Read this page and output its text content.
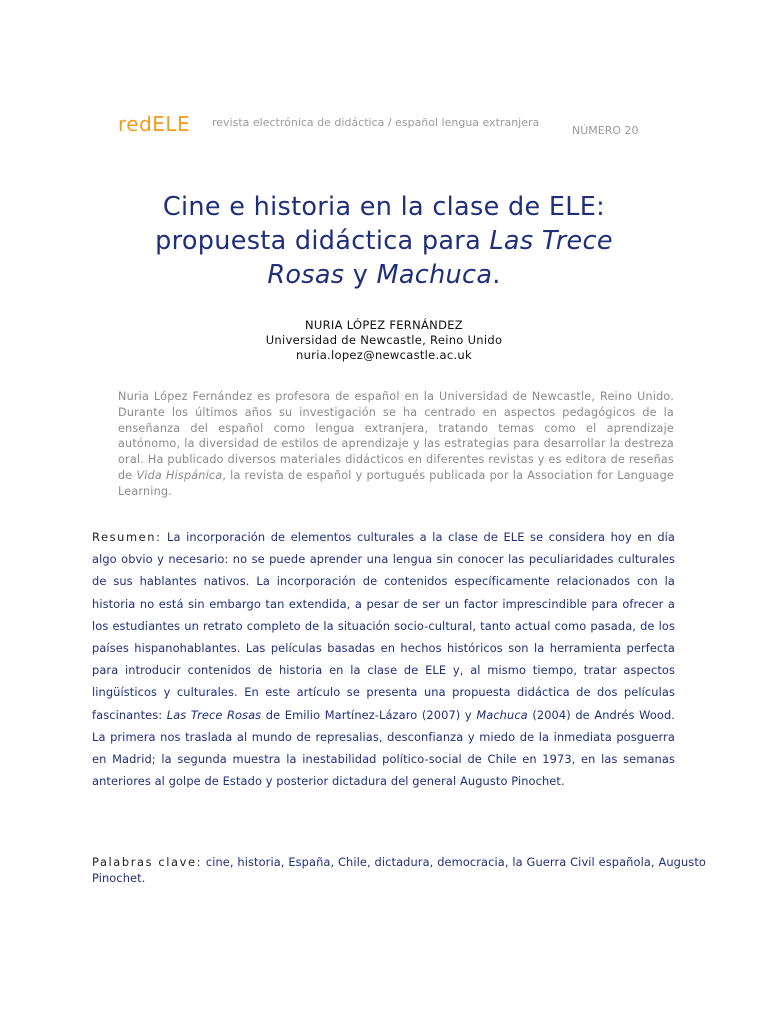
redELE revista electrónica de didáctica / español lengua extranjera
NÚMERO 20
Cine e historia en la clase de ELE:
propuesta didáctica para Las Trece
Rosas y Machuca.
NURIA LÓPEZ FERNÁNDEZ
Universidad de Newcastle, Reino Unido
nuria.lopez@newcastle.ac.uk
Nuria López Fernández es profesora de español en la Universidad de Newcastle, Reino Unido. Durante los últimos años su investigación se ha centrado en aspectos pedagógicos de la enseñanza del español como lengua extranjera, tratando temas como el aprendizaje autónomo, la diversidad de estilos de aprendizaje y las estrategias para desarrollar la destreza oral. Ha publicado diversos materiales didácticos en diferentes revistas y es editora de reseñas de Vida Hispánica, la revista de español y portugués publicada por la Association for Language Learning.
Resumen: La incorporación de elementos culturales a la clase de ELE se considera hoy en día algo obvio y necesario: no se puede aprender una lengua sin conocer las peculiaridades culturales de sus hablantes nativos. La incorporación de contenidos específicamente relacionados con la historia no está sin embargo tan extendida, a pesar de ser un factor imprescindible para ofrecer a los estudiantes un retrato completo de la situación socio-cultural, tanto actual como pasada, de los países hispanohablantes. Las películas basadas en hechos históricos son la herramienta perfecta para introducir contenidos de historia en la clase de ELE y, al mismo tiempo, tratar aspectos lingüísticos y culturales. En este artículo se presenta una propuesta didáctica de dos películas fascinantes: Las Trece Rosas de Emilio Martínez-Lázaro (2007) y Machuca (2004) de Andrés Wood. La primera nos traslada al mundo de represalias, desconfianza y miedo de la inmediata posguerra en Madrid; la segunda muestra la inestabilidad político-social de Chile en 1973, en las semanas anteriores al golpe de Estado y posterior dictadura del general Augusto Pinochet.
Palabras clave: cine, historia, España, Chile, dictadura, democracia, la Guerra Civil española, Augusto Pinochet.
